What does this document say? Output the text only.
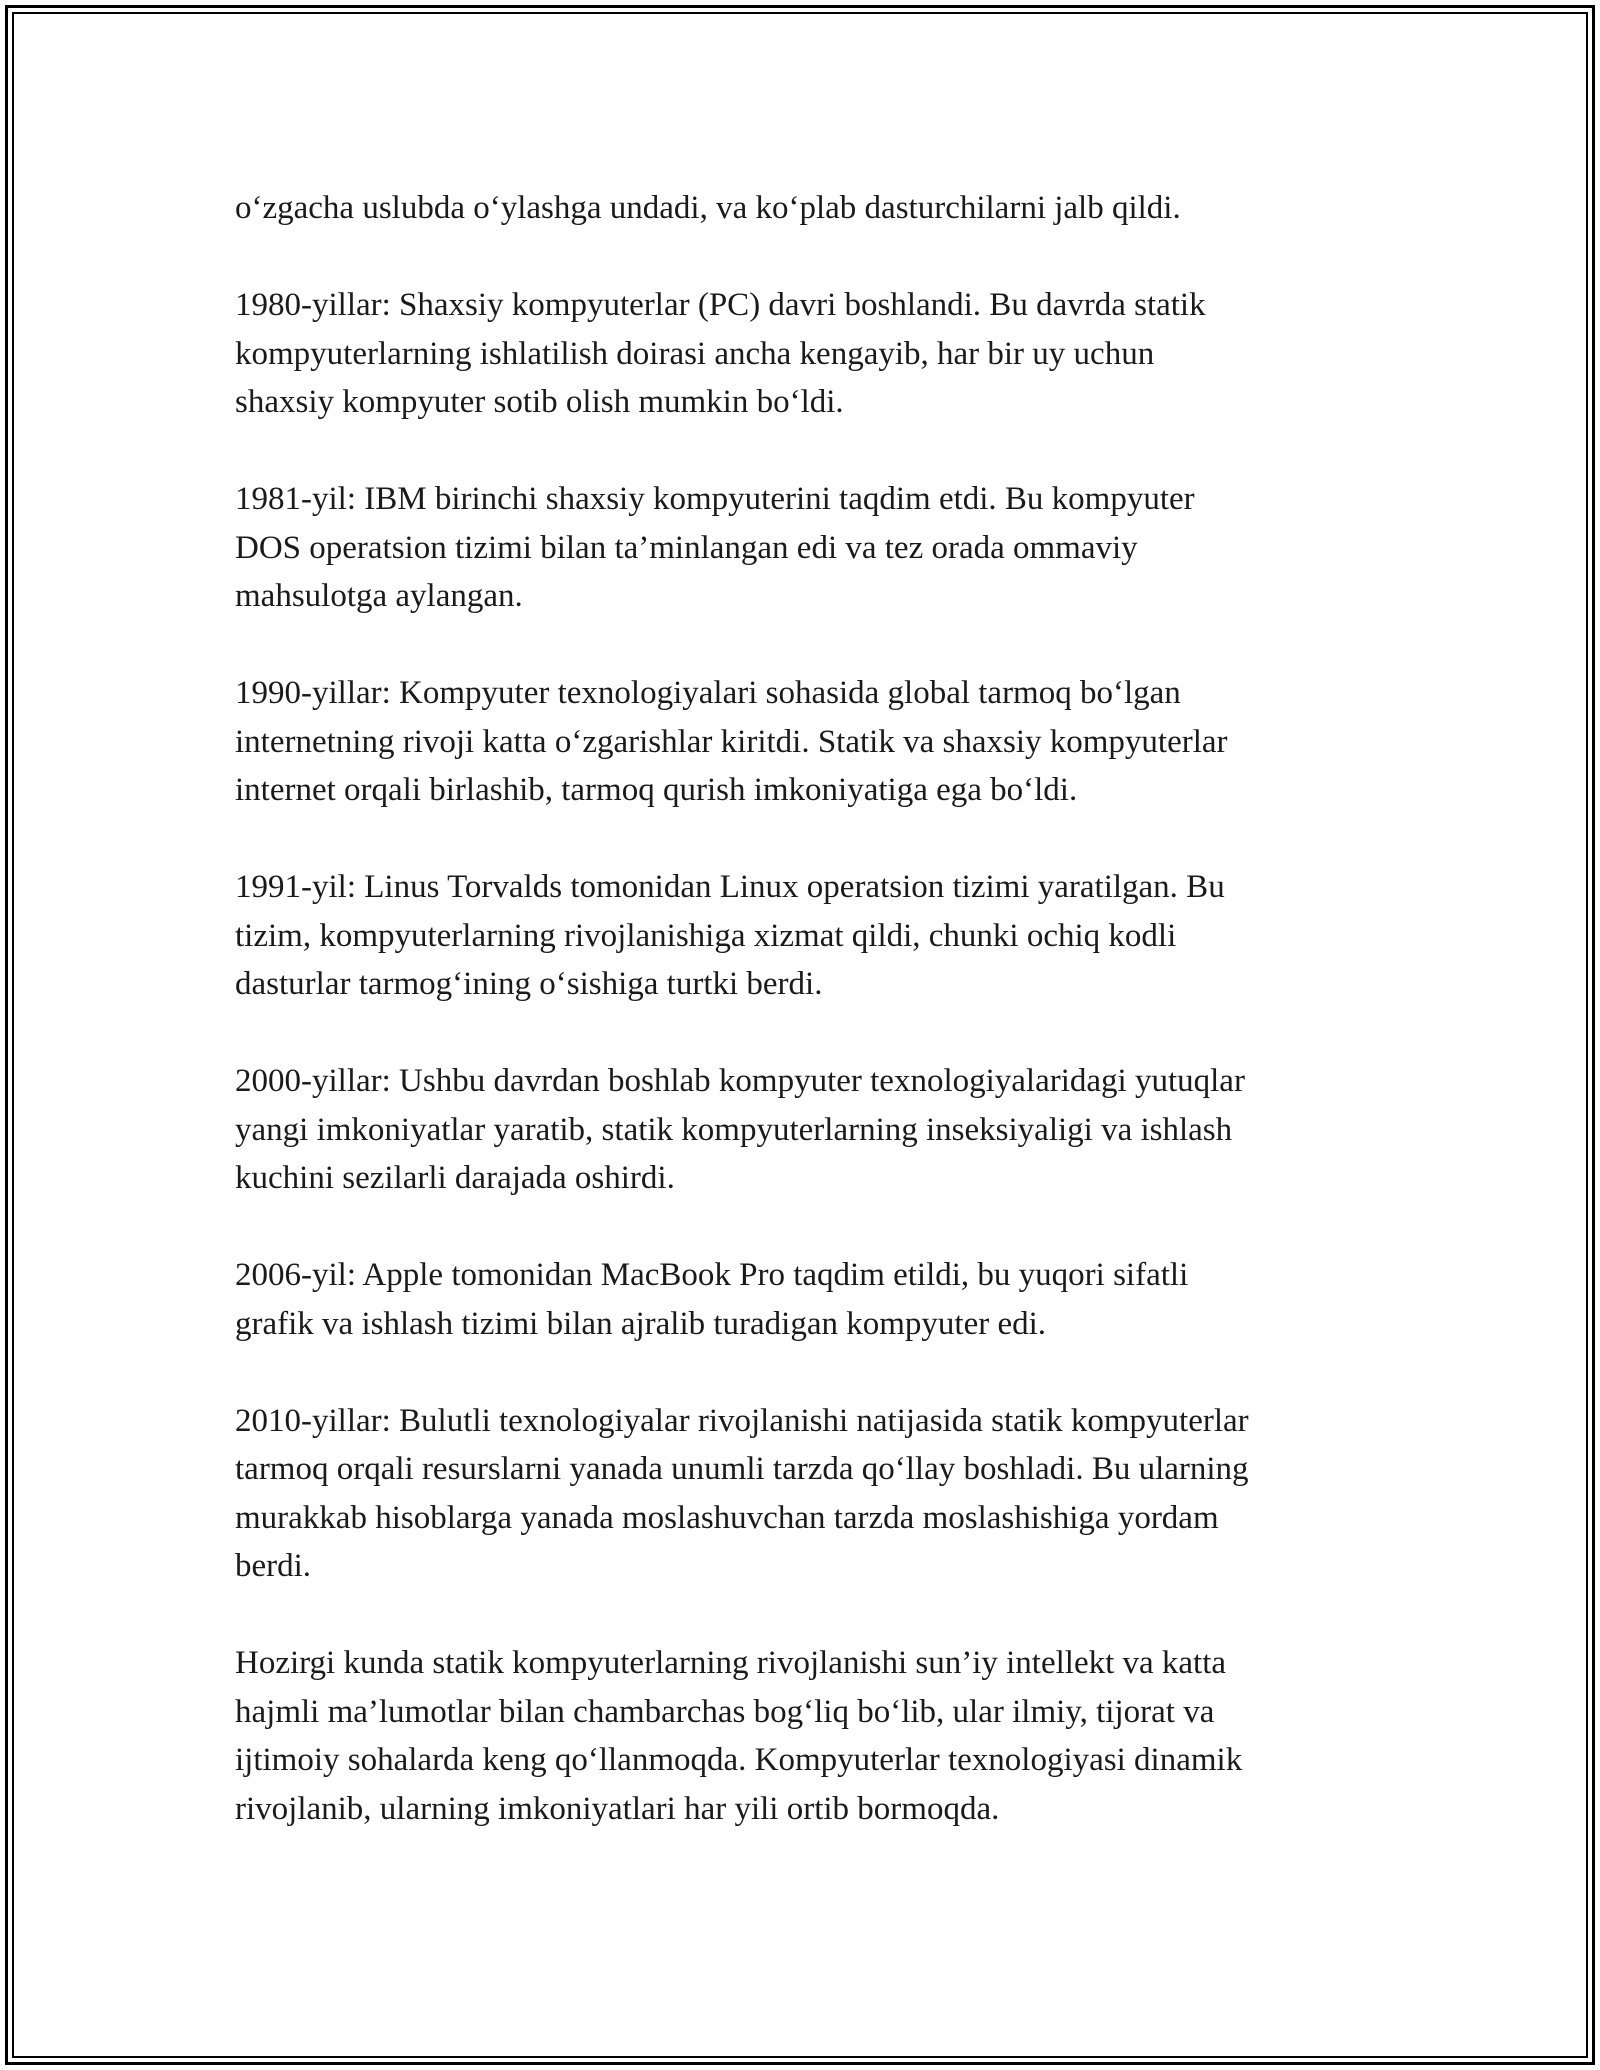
o‘zgacha uslubda o‘ylashga undadi, va ko‘plab dasturchilarni jalb qildi.

1980-yillar: Shaxsiy kompyuterlar (PC) davri boshlandi. Bu davrda statik
kompyuterlarning ishlatilish doirasi ancha kengayib, har bir uy uchun
shaxsiy kompyuter sotib olish mumkin bo‘ldi.

1981-yil: IBM birinchi shaxsiy kompyuterini taqdim etdi. Bu kompyuter
DOS operatsion tizimi bilan ta’minlangan edi va tez orada ommaviy
mahsulotga aylangan.

1990-yillar: Kompyuter texnologiyalari sohasida global tarmoq bo‘lgan
internetning rivoji katta o‘zgarishlar kiritdi. Statik va shaxsiy kompyuterlar
internet orqali birlashib, tarmoq qurish imkoniyatiga ega bo‘ldi.

1991-yil: Linus Torvalds tomonidan Linux operatsion tizimi yaratilgan. Bu
tizim, kompyuterlarning rivojlanishiga xizmat qildi, chunki ochiq kodli
dasturlar tarmog‘ining o‘sishiga turtki berdi.

2000-yillar: Ushbu davrdan boshlab kompyuter texnologiyalaridagi yutuqlar
yangi imkoniyatlar yaratib, statik kompyuterlarning inseksiyaligi va ishlash
kuchini sezilarli darajada oshirdi.

2006-yil: Apple tomonidan MacBook Pro taqdim etildi, bu yuqori sifatli
grafik va ishlash tizimi bilan ajralib turadigan kompyuter edi.

2010-yillar: Bulutli texnologiyalar rivojlanishi natijasida statik kompyuterlar
tarmoq orqali resurslarni yanada unumli tarzda qo‘llay boshladi. Bu ularning
murakkab hisoblarga yanada moslashuvchan tarzda moslashishiga yordam
berdi.

Hozirgi kunda statik kompyuterlarning rivojlanishi sun’iy intellekt va katta
hajmli ma’lumotlar bilan chambarchas bog‘liq bo‘lib, ular ilmiy, tijorat va
ijtimoiy sohalarda keng qo‘llanmoqda. Kompyuterlar texnologiyasi dinamik
rivojlanib, ularning imkoniyatlari har yili ortib bormoqda.
